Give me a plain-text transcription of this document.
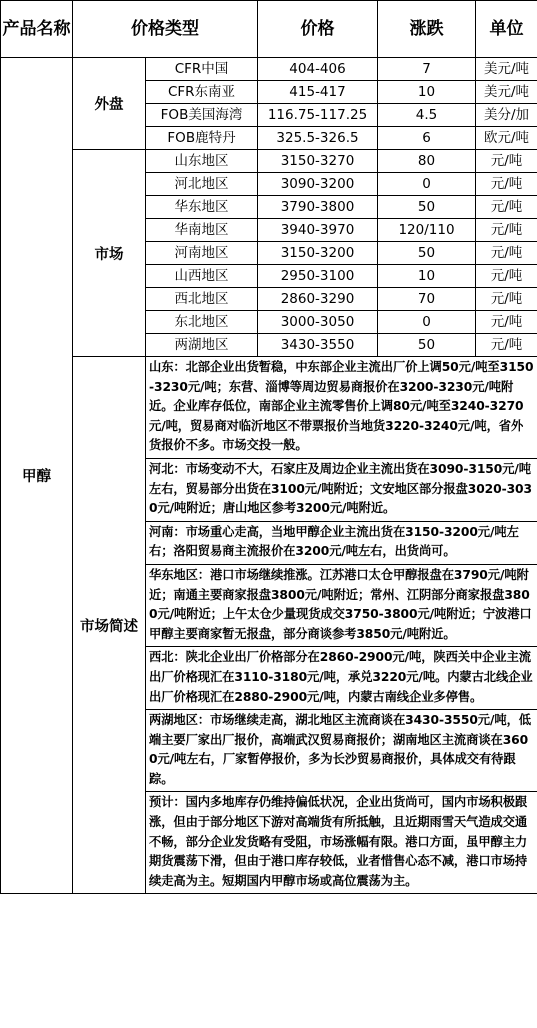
产品名称	价格类型	价格	涨跌	单位
甲醇	外盘	CFR中国	404-406	7	美元/吨
CFR东南亚	415-417	10	美元/吨
FOB美国海湾	116.75-117.25	4.5	美分/加
FOB鹿特丹	325.5-326.5	6	欧元/吨
市场	山东地区	3150-3270	80	元/吨
河北地区	3090-3200	0	元/吨
华东地区	3790-3800	50	元/吨
华南地区	3940-3970	120/110	元/吨
河南地区	3150-3200	50	元/吨
山西地区	2950-3100	10	元/吨
西北地区	2860-3290	70	元/吨
东北地区	3000-3050	0	元/吨
两湖地区	3430-3550	50	元/吨
市场简述	
山东：北部企业出货暂稳，中东部企业主流出厂价上调50元/吨至3150-3230元/吨；东营、淄博等周边贸易商报价在3200-3230元/吨附近。企业库存低位，南部企业主流零售价上调80元/吨至3240-3270元/吨，贸易商对临沂地区不带票报价当地货3220-3240元/吨，省外货报价不多。市场交投一般。

河北：市场变动不大，石家庄及周边企业主流出货在3090-3150元/吨左右，贸易部分出货在3100元/吨附近；文安地区部分报盘3020-3030元/吨附近；唐山地区参考3200元/吨附近。

河南：市场重心走高，当地甲醇企业主流出货在3150-3200元/吨左右；洛阳贸易商主流报价在3200元/吨左右，出货尚可。

华东地区：港口市场继续推涨。江苏港口太仓甲醇报盘在3790元/吨附近；南通主要商家报盘3800元/吨附近；常州、江阴部分商家报盘3800元/吨附近；上午太仓少量现货成交3750-3800元/吨附近；宁波港口甲醇主要商家暂无报盘，部分商谈参考3850元/吨附近。

西北：陕北企业出厂价格部分在2860-2900元/吨，陕西关中企业主流出厂价格现汇在3110-3180元/吨，承兑3220元/吨。内蒙古北线企业出厂价格现汇在2880-2900元/吨，内蒙古南线企业多停售。

两湖地区：市场继续走高，湖北地区主流商谈在3430-3550元/吨，低端主要厂家出厂报价，高端武汉贸易商报价；湖南地区主流商谈在3600元/吨左右，厂家暂停报价，多为长沙贸易商报价，具体成交有待跟踪。

预计：国内多地库存仍维持偏低状况，企业出货尚可，国内市场积极跟涨，但由于部分地区下游对高端货有所抵触，且近期雨雪天气造成交通不畅，部分企业发货略有受阻，市场涨幅有限。港口方面，虽甲醇主力期货震荡下滑，但由于港口库存较低，业者惜售心态不减，港口市场持续走高为主。短期国内甲醇市场或高位震荡为主。
